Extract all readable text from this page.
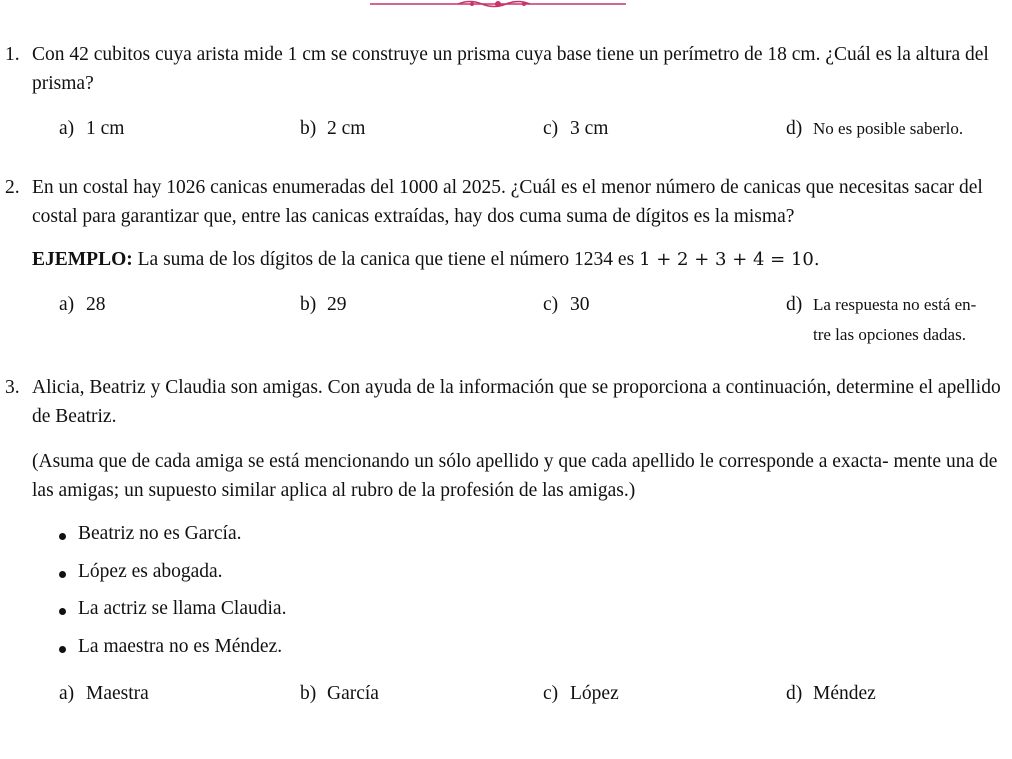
1. Con 42 cubitos cuya arista mide 1 cm se construye un prisma cuya base tiene un perímetro de 18 cm. ¿Cuál es la altura del prisma?
a) 1 cm	b) 2 cm	c) 3 cm	d) No es posible saberlo.
2. En un costal hay 1026 canicas enumeradas del 1000 al 2025. ¿Cuál es el menor número de canicas que necesitas sacar del costal para garantizar que, entre las canicas extraídas, hay dos cuma suma de dígitos es la misma?
EJEMPLO: La suma de los dígitos de la canica que tiene el número 1234 es 1 + 2 + 3 + 4 = 10.
a) 28	b) 29	c) 30	d) La respuesta no está en-
tre las opciones dadas.
3. Alicia, Beatriz y Claudia son amigas. Con ayuda de la información que se proporciona a continuación, determine el apellido de Beatriz.
(Asuma que de cada amiga se está mencionando un sólo apellido y que cada apellido le corresponde a exacta- mente una de las amigas; un supuesto similar aplica al rubro de la profesión de las amigas.)
Beatriz no es García.
López es abogada.
La actriz se llama Claudia.
La maestra no es Méndez.
a) Maestra	b) García	c) López	d) Méndez
